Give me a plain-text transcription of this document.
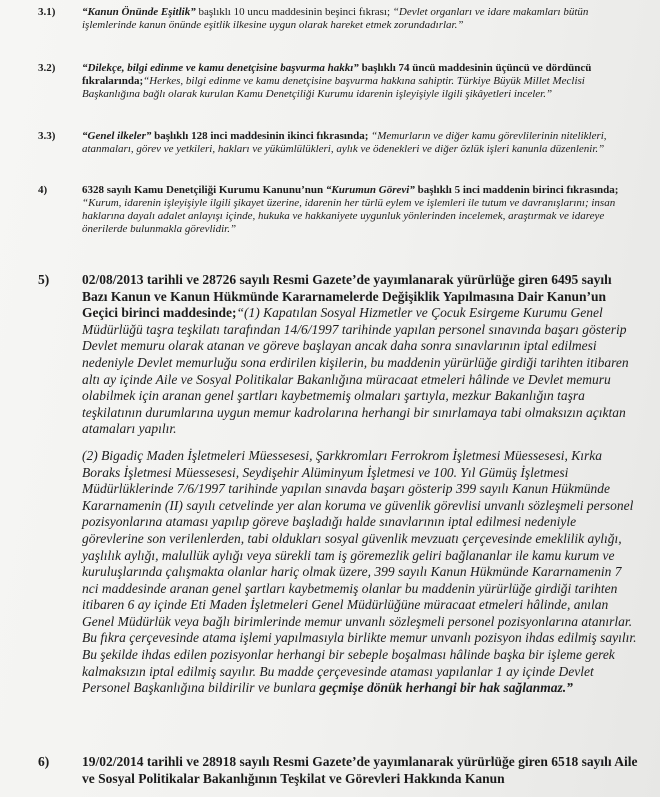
3.1) “Kanun Önünde Eşitlik” başlıklı 10 uncu maddesinin beşinci fıkrası; “Devlet organları ve idare makamları bütün işlemlerinde kanun önünde eşitlik ilkesine uygun olarak hareket etmek zorundadırlar.”
3.2) “Dilekçe, bilgi edinme ve kamu denetçisine başvurma hakkı” başlıklı 74 üncü maddesinin üçüncü ve dördüncü fıkralarında;“Herkes, bilgi edinme ve kamu denetçisine başvurma hakkına sahiptir. Türkiye Büyük Millet Meclisi Başkanlığına bağlı olarak kurulan Kamu Denetçiliği Kurumu idarenin işleyişiyle ilgili şikâyetleri inceler.”
3.3) “Genel ilkeler” başlıklı 128 inci maddesinin ikinci fıkrasında; “Memurların ve diğer kamu görevlilerinin nitelikleri, atanmaları, görev ve yetkileri, hakları ve yükümlülükleri, aylık ve ödenekleri ve diğer özlük işleri kanunla düzenlenir.”
4)	6328 sayılı Kamu Denetçiliği Kurumu Kanunu’nun “Kurumun Görevi” başlıklı 5 inci maddenin birinci fıkrasında; “Kurum, idarenin işleyişiyle ilgili şikayet üzerine, idarenin her türlü eylem ve işlemleri ile tutum ve davranışlarını; insan haklarına dayalı adalet anlayışı içinde, hukuka ve hakkaniyete uygunluk yönlerinden incelemek, araştırmak ve idareye önerilerde bulunmakla görevlidir.”
5) 02/08/2013 tarihli ve 28726 sayılı Resmi Gazete’de yayımlanarak yürürlüğe giren 6495 sayılı Bazı Kanun ve Kanun Hükmünde Kararnamelerde Değişiklik Yapılmasına Dair Kanun’un Geçici birinci maddesinde;“(1) Kapatılan Sosyal Hizmetler ve Çocuk Esirgeme Kurumu Genel Müdürlüğü taşra teşkilatı tarafından 14/6/1997 tarihinde yapılan personel sınavında başarı gösterip Devlet memuru olarak atanan ve göreve başlayan ancak daha sonra sınavlarının iptal edilmesi nedeniyle Devlet memurluğu sona erdirilen kişilerin, bu maddenin yürürlüğe girdiği tarihten itibaren altı ay içinde Aile ve Sosyal Politikalar Bakanlığına müracaat etmeleri hâlinde ve Devlet memuru olabilmek için aranan genel şartları kaybetmemiş olmaları şartıyla, mezkur Bakanlığın taşra teşkilatının durumlarına uygun memur kadrolarına herhangi bir sınırlamaya tabi olmaksızın açıktan atamaları yapılır.
(2) Bigadiç Maden İşletmeleri Müessesesi, Şarkkromları Ferrokrom İşletmesi Müessesesi, Kırka Boraks İşletmesi Müessesesi, Seydişehir Alüminyum İşletmesi ve 100. Yıl Gümüş İşletmesi Müdürlüklerinde 7/6/1997 tarihinde yapılan sınavda başarı gösterip 399 sayılı Kanun Hükmünde Kararnamenin (II) sayılı cetvelinde yer alan koruma ve güvenlik görevlisi unvanlı sözleşmeli personel pozisyonlarına ataması yapılıp göreve başladığı halde sınavlarının iptal edilmesi nedeniyle görevlerine son verilenlerden, tabi oldukları sosyal güvenlik mevzuatı çerçevesinde emeklilik aylığı, yaşlılık aylığı, malullük aylığı veya sürekli tam iş göremezlik geliri bağlananlar ile kamu kurum ve kuruluşlarında çalışmakta olanlar hariç olmak üzere, 399 sayılı Kanun Hükmünde Kararnamenin 7 nci maddesinde aranan genel şartları kaybetmemiş olanlar bu maddenin yürürlüğe girdiği tarihten itibaren 6 ay içinde Eti Maden İşletmeleri Genel Müdürlüğüne müracaat etmeleri hâlinde, anılan Genel Müdürlük veya bağlı birimlerinde memur unvanlı sözleşmeli personel pozisyonlarına atanırlar. Bu fıkra çerçevesinde atama işlemi yapılmasıyla birlikte memur unvanlı pozisyon ihdas edilmiş sayılır. Bu şekilde ihdas edilen pozisyonlar herhangi bir sebeple boşalması hâlinde başka bir işleme gerek kalmaksızın iptal edilmiş sayılır. Bu madde çerçevesinde ataması yapılanlar 1 ay içinde Devlet Personel Başkanlığına bildirilir ve bunlara geçmişe dönük herhangi bir hak sağlanmaz.”
6) 19/02/2014 tarihli ve 28918 sayılı Resmi Gazete’de yayımlanarak yürürlüğe giren 6518 sayılı Aile ve Sosyal Politikalar Bakanlığının Teşkilat ve Görevleri Hakkında Kanun
